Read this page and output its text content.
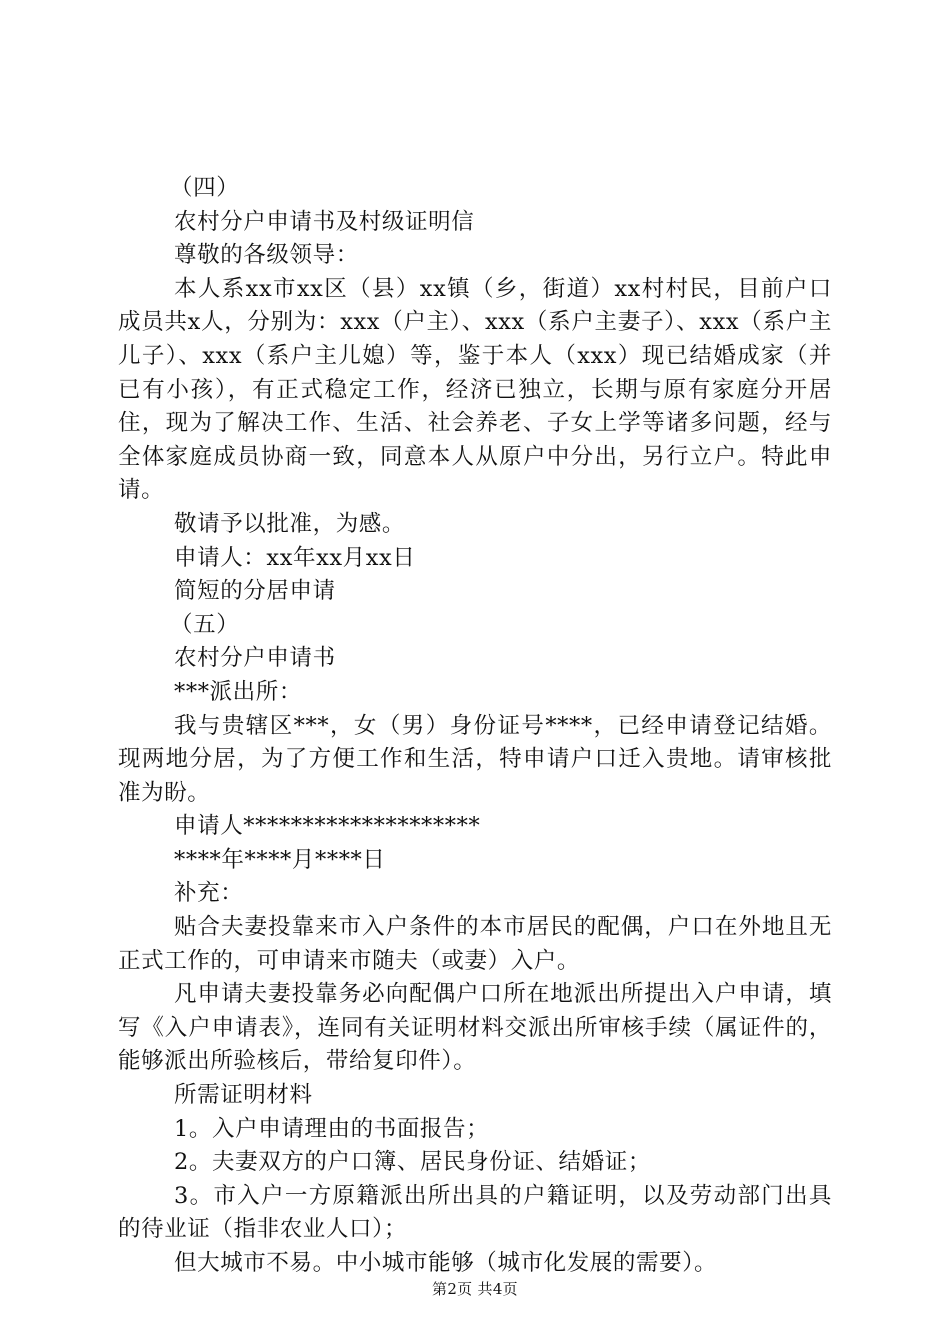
（四）
农村分户申请书及村级证明信
尊敬的各级领导：
本人系xx市xx区（县）xx镇（乡，街道）xx村村民，目前户口成员共x人，分别为：xxx（户主）、xxx（系户主妻子）、xxx（系户主儿子）、xxx（系户主儿媳）等，鉴于本人（xxx）现已结婚成家（并已有小孩），有正式稳定工作，经济已独立，长期与原有家庭分开居住，现为了解决工作、生活、社会养老、子女上学等诸多问题，经与全体家庭成员协商一致，同意本人从原户中分出，另行立户。特此申请。
敬请予以批准，为感。
申请人：xx年xx月xx日
简短的分居申请
（五）
农村分户申请书
***派出所：
我与贵辖区***，女（男）身份证号****，已经申请登记结婚。现两地分居，为了方便工作和生活，特申请户口迁入贵地。请审核批准为盼。
申请人********************
****年****月****日
补充：
贴合夫妻投靠来市入户条件的本市居民的配偶，户口在外地且无正式工作的，可申请来市随夫（或妻）入户。
凡申请夫妻投靠务必向配偶户口所在地派出所提出入户申请，填写《入户申请表》，连同有关证明材料交派出所审核手续（属证件的，能够派出所验核后，带给复印件）。
所需证明材料
1。入户申请理由的书面报告；
2。夫妻双方的户口簿、居民身份证、结婚证；
3。市入户一方原籍派出所出具的户籍证明，以及劳动部门出具的待业证（指非农业人口）；
但大城市不易。中小城市能够（城市化发展的需要）。
第2页 共4页
